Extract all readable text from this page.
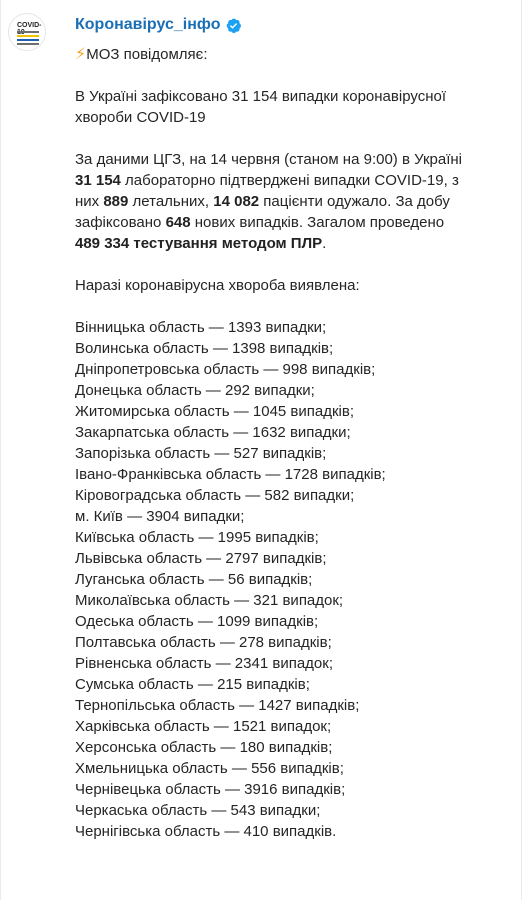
COVID- Коронавірус_інфо
⚡МОЗ повідомляє:
В Україні зафіксовано 31 154 випадки коронавірусної
хвороби COVID-19
За даними ЦГЗ, на 14 червня (станом на 9:00) в Україні
31 154 лабораторно підтверджені випадки COVID-19, з
них 889 летальних, 14 082 пацієнти одужало. За добу
зафіксовано 648 нових випадків. Загалом проведено
489 334 тестування методом ПЛР.
Наразі коронавірусна хвороба виявлена:
Вінницька область — 1393 випадки;
Волинська область — 1398 випадків;
Дніпропетровська область — 998 випадків;
Донецька область — 292 випадки;
Житомирська область — 1045 випадків;
Закарпатська область — 1632 випадки;
Запорізька область — 527 випадків;
Івано-Франківська область — 1728 випадків;
Кіровоградська область — 582 випадки;
м. Київ — 3904 випадки;
Київська область — 1995 випадків;
Львівська область — 2797 випадків;
Луганська область — 56 випадків;
Миколаївська область — 321 випадок;
Одеська область — 1099 випадків;
Полтавська область — 278 випадків;
Рівненська область — 2341 випадок;
Сумська область — 215 випадків;
Тернопільська область — 1427 випадків;
Харківська область — 1521 випадок;
Херсонська область — 180 випадків;
Хмельницька область — 556 випадків;
Чернівецька область — 3916 випадків;
Черкаська область — 543 випадки;
Чернігівська область — 410 випадків.
